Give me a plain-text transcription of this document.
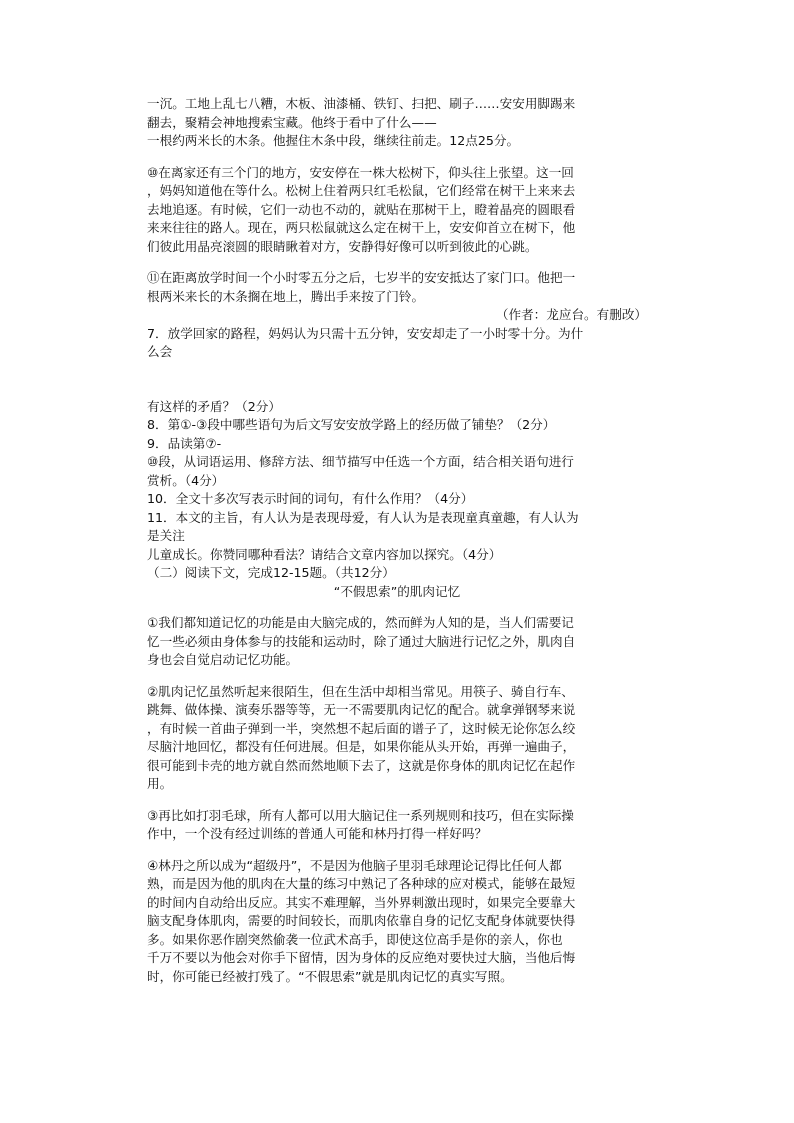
一沉。工地上乱七八糟，木板、油漆桶、铁钉、扫把、刷子……安安用脚踢来

翻去，聚精会神地搜索宝藏。他终于看中了什么——

一根约两米长的木条。他握住木条中段，继续往前走。12点25分。

⑩在离家还有三个门的地方，安安停在一株大松树下，仰头往上张望。这一回

，妈妈知道他在等什么。松树上住着两只红毛松鼠，它们经常在树干上来来去

去地追逐。有时候，它们一动也不动的，就贴在那树干上，瞪着晶亮的圆眼看

来来往往的路人。现在，两只松鼠就这么定在树干上，安安仰首立在树下，他

们彼此用晶亮滚圆的眼睛瞅着对方，安静得好像可以听到彼此的心跳。

⑪在距离放学时间一个小时零五分之后，七岁半的安安抵达了家门口。他把一

根两米来长的木条搁在地上，腾出手来按了门铃。

（作者：龙应台。有删改）

7．放学回家的路程，妈妈认为只需十五分钟，安安却走了一小时零十分。为什

么会

有这样的矛盾？（2分）

8．第①-③段中哪些语句为后文写安安放学路上的经历做了铺垫？（2分）

9．品读第⑦-

⑩段，从词语运用、修辞方法、细节描写中任选一个方面，结合相关语句进行

赏析。（4分）

10．全文十多次写表示时间的词句，有什么作用？（4分）

11．本文的主旨，有人认为是表现母爱，有人认为是表现童真童趣，有人认为

是关注

儿童成长。你赞同哪种看法？请结合文章内容加以探究。（4分）

（二）阅读下文，完成12-15题。（共12分）

“不假思索”的肌肉记忆

①我们都知道记忆的功能是由大脑完成的，然而鲜为人知的是，当人们需要记

忆一些必须由身体参与的技能和运动时，除了通过大脑进行记忆之外，肌肉自

身也会自觉启动记忆功能。

②肌肉记忆虽然听起来很陌生，但在生活中却相当常见。用筷子、骑自行车、

跳舞、做体操、演奏乐器等等，无一不需要肌肉记忆的配合。就拿弹钢琴来说

，有时候一首曲子弹到一半，突然想不起后面的谱子了，这时候无论你怎么绞

尽脑汁地回忆，都没有任何进展。但是，如果你能从头开始，再弹一遍曲子，

很可能到卡壳的地方就自然而然地顺下去了，这就是你身体的肌肉记忆在起作

用。

③再比如打羽毛球，所有人都可以用大脑记住一系列规则和技巧，但在实际操

作中，一个没有经过训练的普通人可能和林丹打得一样好吗？

④林丹之所以成为“超级丹”，不是因为他脑子里羽毛球理论记得比任何人都

熟，而是因为他的肌肉在大量的练习中熟记了各种球的应对模式，能够在最短

的时间内自动给出反应。其实不难理解，当外界刺激出现时，如果完全要靠大

脑支配身体肌肉，需要的时间较长，而肌肉依靠自身的记忆支配身体就要快得

多。如果你恶作剧突然偷袭一位武术高手，即使这位高手是你的亲人，你也

千万不要以为他会对你手下留情，因为身体的反应绝对要快过大脑，当他后悔

时，你可能已经被打残了。“不假思索”就是肌肉记忆的真实写照。
